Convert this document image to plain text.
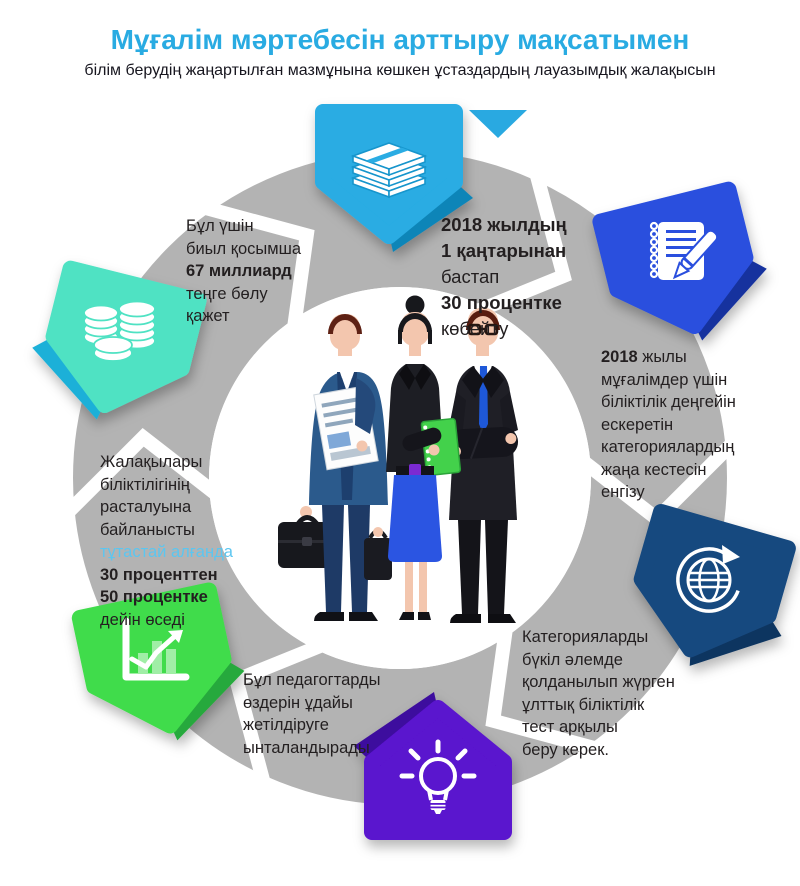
Мұғалім мәртебесін арттыру мақсатымен

білім берудің жаңартылған мазмұнына көшкен ұстаздардың лауазымдық жалақысын

2018 жылдың
1 қаңтарынан
бастап
30 процентке
көбейту
2018 жылы
мұғалімдер үшін
біліктілік деңгейін
ескеретін
категориялардың
жаңа кестесін
енгізу
Категорияларды
бүкіл әлемде
қолданылып жүрген
ұлттық біліктілік
тест арқылы
беру керек.
Бұл педагогтарды
өздерін ұдайы
жетілдіруге
ынталандырады
Жалақылары
біліктілігінің
расталуына
байланысты
тұтастай алғанда
30 проценттен
50 процентке
дейін өседі
Бұл үшін
биыл қосымша
67 миллиард
теңге бөлу
қажет
